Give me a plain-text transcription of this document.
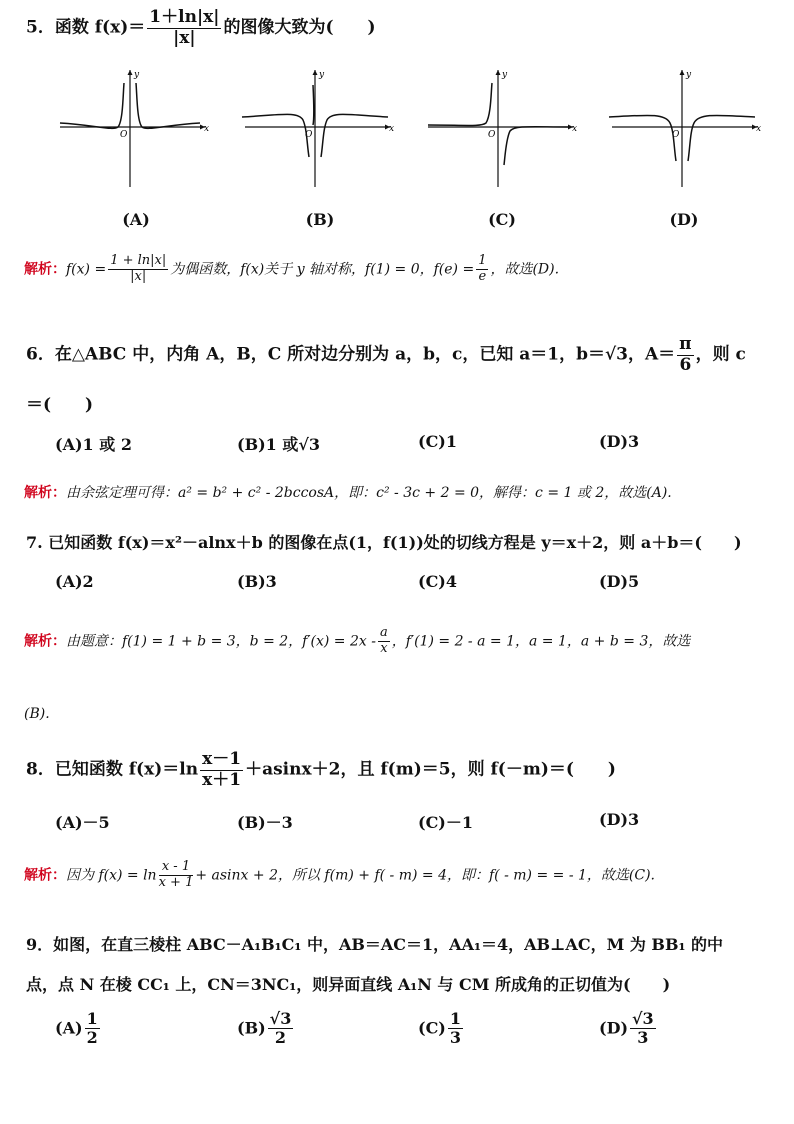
5．函数 $f(x)= \frac{1+\ln|x|}{|x|}$ 的图像大致为(　　)
x
y
O
x
y
O
x
y
O
x
y
O
(A)	(B)	(C)	(D)
解析：$f(x) = \frac{1 + \ln|x|}{|x|}$ 为偶函数，f(x)关于 y 轴对称，f(1) = 0，$f(e) = \frac{1}{e}$ ，故选(D).
6．在△ABC 中，内角 A，B，C 所对边分别为 a，b，c，已知 a＝1，b＝√3，$A= \frac{\pi}{6}$ ，则 c
＝(　　)
(A)1 或 2	(B)1 或√3	(C)1	(D)3
解析：由余弦定理可得：a² = b² + c² - 2bccosA，即：c² - 3c + 2 = 0，解得：c = 1 或 2，故选(A).
7. 已知函数 f(x)＝x²－alnx＋b 的图像在点(1，f(1))处的切线方程是 y＝x＋2，则 a＋b＝(　　)
(A)2	(B)3	(C)4	(D)5
解析：由题意：f(1) = 1 + b = 3，b = 2，$f'(x) = 2x - \frac{a}{x}$ ，f′(1) = 2 - a = 1，a = 1，a + b = 3，故选
(B).
8．已知函数 $f(x)=\ln \frac{x-1}{x+1} +asinx+2$，且 f(m)＝5，则 f(－m)＝(　　)
(A)－5	(B)－3	(C)－1	(D)3
解析：因为 $f(x) = \ln \frac{x - 1}{x + 1} + asinx + 2$，所以 f(m) + f( - m) = 4，即：f( - m) = = - 1，故选(C).
9．如图，在直三棱柱 ABC－A₁B₁C₁ 中，AB＝AC＝1，AA₁＝4，AB⊥AC，M 为 BB₁ 的中
点，点 N 在棱 CC₁ 上，CN＝3NC₁，则异面直线 A₁N 与 CM 所成角的正切值为(　　)
$(A) \frac{1}{2}$	$(B) \frac{√3}{2}$	$(C) \frac{1}{3}$	$(D) \frac{√3}{3}$
